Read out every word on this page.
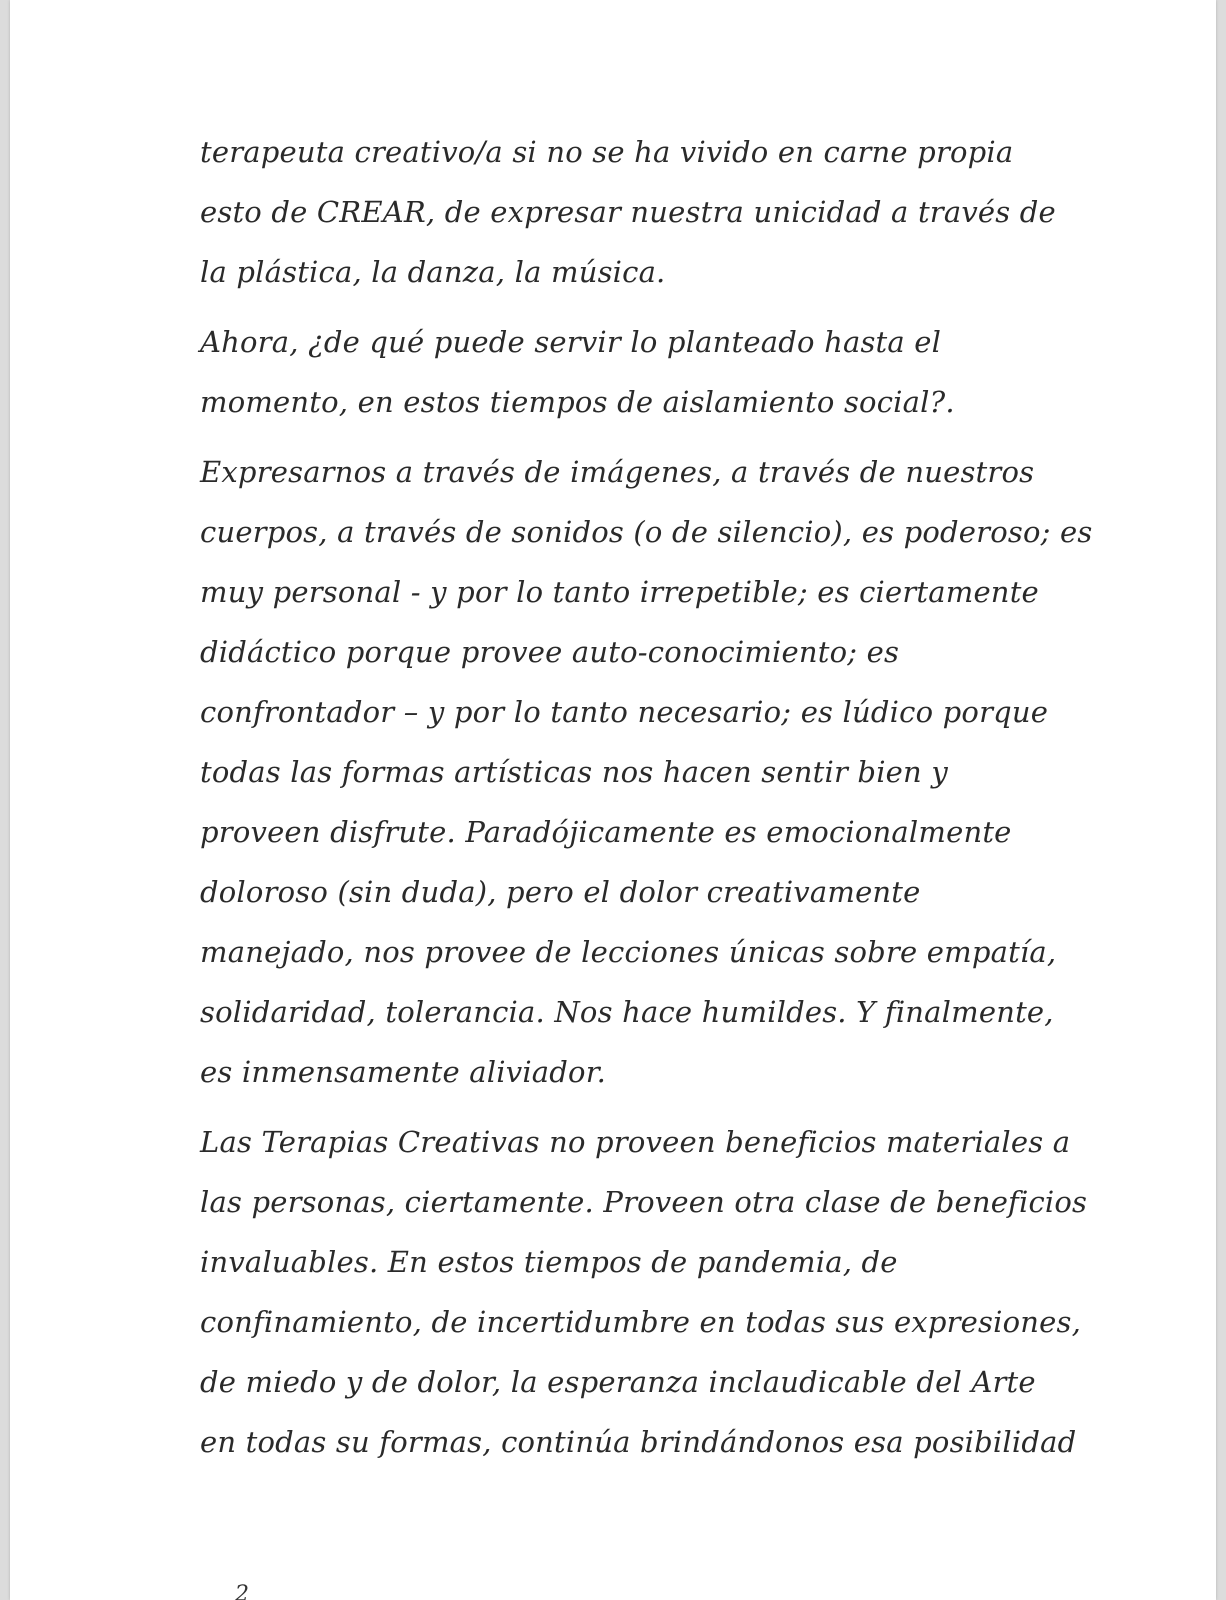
terapeuta creativo/a si no se ha vivido en carne propia
esto de CREAR, de expresar nuestra unicidad a través de
la plástica, la danza, la música.
Ahora, ¿de qué puede servir lo planteado hasta el
momento, en estos tiempos de aislamiento social?.
Expresarnos a través de imágenes, a través de nuestros
cuerpos, a través de sonidos (o de silencio), es poderoso; es
muy personal - y por lo tanto irrepetible; es ciertamente
didáctico porque provee auto-conocimiento; es
confrontador – y por lo tanto necesario; es lúdico porque
todas las formas artísticas nos hacen sentir bien y
proveen disfrute. Paradójicamente es emocionalmente
doloroso (sin duda), pero el dolor creativamente
manejado, nos provee de lecciones únicas sobre empatía,
solidaridad, tolerancia. Nos hace humildes. Y finalmente,
es inmensamente aliviador.
Las Terapias Creativas no proveen beneficios materiales a
las personas, ciertamente. Proveen otra clase de beneficios
invaluables. En estos tiempos de pandemia, de
confinamiento, de incertidumbre en todas sus expresiones,
de miedo y de dolor, la esperanza inclaudicable del Arte
en todas su formas, continúa brindándonos esa posibilidad
2
